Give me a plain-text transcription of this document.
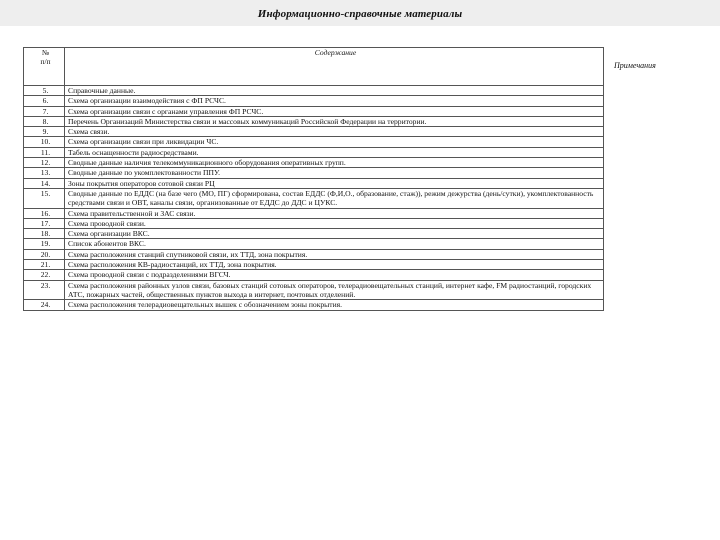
Информационно-справочные материалы
№
п/п	Содержание
5.	Справочные данные.
6.	Схема организации взаимодействия с ФП РСЧС.
7.	Схема организации связи с органами управления ФП РСЧС.
8.	Перечень Организаций Министерства связи и массовых коммуникаций Российской Федерации на территории.
9.	Схема связи.
10.	Схема организации связи при ликвидации ЧС.
11.	Табель оснащенности радиосредствами.
12.	Сводные данные наличия телекоммуникационного оборудования оперативных групп.
13.	Сводные данные по укомплектованности ППУ.
14.	Зоны покрытия операторов сотовой связи РЦ
15.	Сводные данные по ЕДДС (на базе чего (МО, ПГ) сформирована, состав ЕДДС (Ф,И,О., образование, стаж)), режим дежурства (день/сутки), укомплектованность средствами связи и ОВТ, каналы связи, организованные от ЕДДС до ДДС и ЦУКС.
16.	Схема правительственной и ЗАС связи.
17.	Схема проводной связи.
18.	Схема организации ВКС.
19.	Список абонентов ВКС.
20.	Схема расположения станций спутниковой связи, их ТТД, зона покрытия.
21.	Схема расположения КВ-радиостанций, их ТТД, зона покрытия.
22.	Схема проводной связи с подразделениями ВГСЧ.
23.	Схема расположения районных узлов связи, базовых станций сотовых операторов, телерадиовещательных станций, интернет кафе, FM радиостанций, городских АТС, пожарных частей, общественных пунктов выхода в интернет, почтовых отделений.
24.	Схема расположения телерадиовещательных вышек с обозначением зоны покрытия.
Примечания
